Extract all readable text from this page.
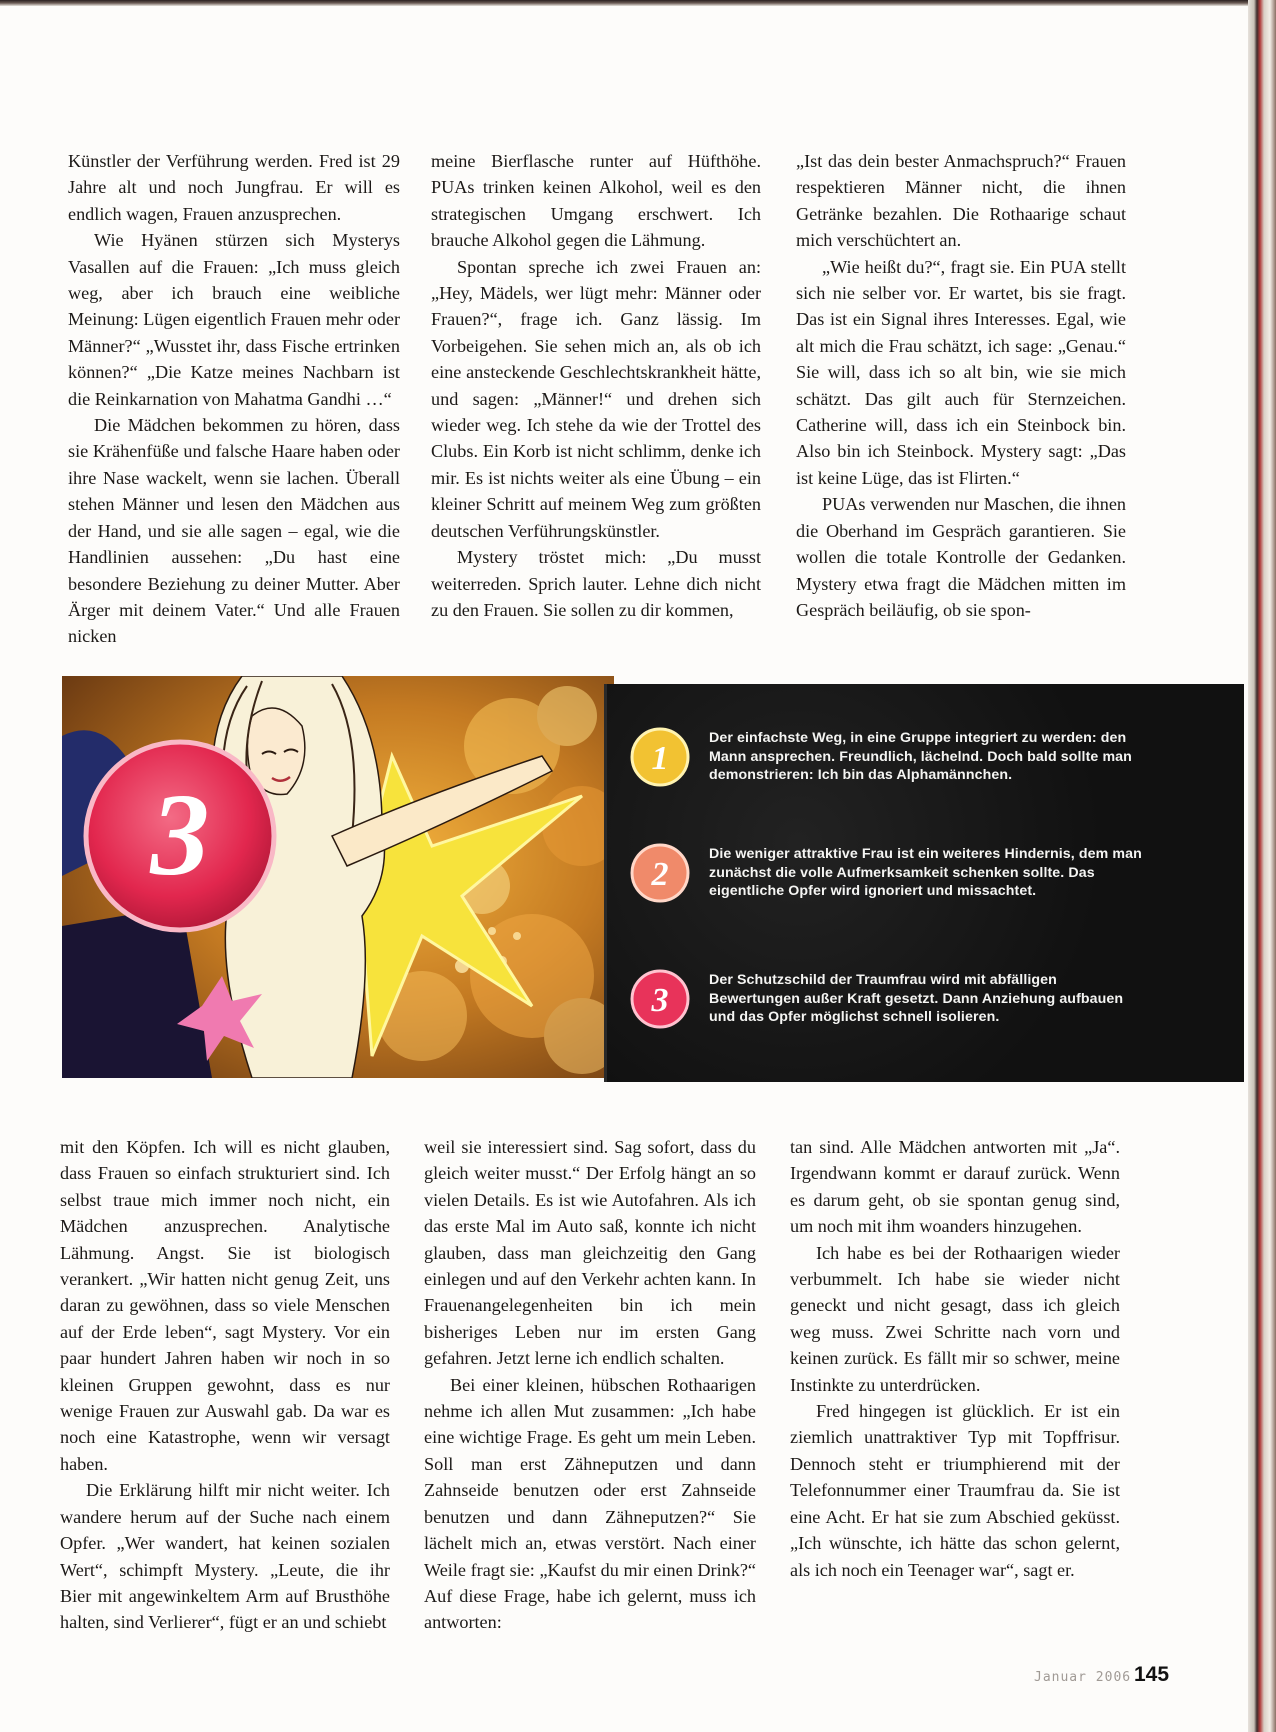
Künstler der Verführung werden. Fred ist 29 Jahre alt und noch Jungfrau. Er will es endlich wagen, Frauen anzusprechen.

Wie Hyänen stürzen sich Mysterys Vasallen auf die Frauen: „Ich muss gleich weg, aber ich brauch eine weibliche Meinung: Lügen eigentlich Frauen mehr oder Männer?“ „Wusstet ihr, dass Fische ertrinken können?“ „Die Katze meines Nachbarn ist die Reinkarnation von Mahatma Gandhi …“

Die Mädchen bekommen zu hören, dass sie Krähenfüße und falsche Haare haben oder ihre Nase wackelt, wenn sie lachen. Überall stehen Männer und lesen den Mädchen aus der Hand, und sie alle sagen – egal, wie die Handlinien aussehen: „Du hast eine besondere Beziehung zu deiner Mutter. Aber Ärger mit deinem Vater.“ Und alle Frauen nicken

meine Bierflasche runter auf Hüfthöhe. PUAs trinken keinen Alkohol, weil es den strategischen Umgang erschwert. Ich brauche Alkohol gegen die Lähmung.

Spontan spreche ich zwei Frauen an: „Hey, Mädels, wer lügt mehr: Männer oder Frauen?“, frage ich. Ganz lässig. Im Vorbeigehen. Sie sehen mich an, als ob ich eine ansteckende Geschlechtskrankheit hätte, und sagen: „Männer!“ und drehen sich wieder weg. Ich stehe da wie der Trottel des Clubs. Ein Korb ist nicht schlimm, denke ich mir. Es ist nichts weiter als eine Übung – ein kleiner Schritt auf meinem Weg zum größten deutschen Verführungskünstler.

Mystery tröstet mich: „Du musst weiterreden. Sprich lauter. Lehne dich nicht zu den Frauen. Sie sollen zu dir kommen,

„Ist das dein bester Anmachspruch?“ Frauen respektieren Männer nicht, die ihnen Getränke bezahlen. Die Rothaarige schaut mich verschüchtert an.

„Wie heißt du?“, fragt sie. Ein PUA stellt sich nie selber vor. Er wartet, bis sie fragt. Das ist ein Signal ihres Interesses. Egal, wie alt mich die Frau schätzt, ich sage: „Genau.“ Sie will, dass ich so alt bin, wie sie mich schätzt. Das gilt auch für Sternzeichen. Catherine will, dass ich ein Steinbock bin. Also bin ich Steinbock. Mystery sagt: „Das ist keine Lüge, das ist Flirten.“

PUAs verwenden nur Maschen, die ihnen die Oberhand im Gespräch garantieren. Sie wollen die totale Kontrolle der Gedanken. Mystery etwa fragt die Mädchen mitten im Gespräch beiläufig, ob sie spon-

3
1
Der einfachste Weg, in eine Gruppe integriert zu werden: den Mann ansprechen. Freundlich, lächelnd. Doch bald sollte man demonstrieren: Ich bin das Alphamännchen.
2
Die weniger attraktive Frau ist ein weiteres Hindernis, dem man zunächst die volle Aufmerksamkeit schenken sollte. Das eigentliche Opfer wird ignoriert und missachtet.
3
Der Schutzschild der Traumfrau wird mit abfälligen Bewertungen außer Kraft gesetzt. Dann Anziehung aufbauen und das Opfer möglichst schnell isolieren.

mit den Köpfen. Ich will es nicht glauben, dass Frauen so einfach strukturiert sind. Ich selbst traue mich immer noch nicht, ein Mädchen anzusprechen. Analytische Lähmung. Angst. Sie ist biologisch verankert. „Wir hatten nicht genug Zeit, uns daran zu gewöhnen, dass so viele Menschen auf der Erde leben“, sagt Mystery. Vor ein paar hundert Jahren haben wir noch in so kleinen Gruppen gewohnt, dass es nur wenige Frauen zur Auswahl gab. Da war es noch eine Katastrophe, wenn wir versagt haben.

Die Erklärung hilft mir nicht weiter. Ich wandere herum auf der Suche nach einem Opfer. „Wer wandert, hat keinen sozialen Wert“, schimpft Mystery. „Leute, die ihr Bier mit angewinkeltem Arm auf Brusthöhe halten, sind Verlierer“, fügt er an und schiebt

weil sie interessiert sind. Sag sofort, dass du gleich weiter musst.“ Der Erfolg hängt an so vielen Details. Es ist wie Autofahren. Als ich das erste Mal im Auto saß, konnte ich nicht glauben, dass man gleichzeitig den Gang einlegen und auf den Verkehr achten kann. In Frauenangelegenheiten bin ich mein bisheriges Leben nur im ersten Gang gefahren. Jetzt lerne ich endlich schalten.

Bei einer kleinen, hübschen Rothaarigen nehme ich allen Mut zusammen: „Ich habe eine wichtige Frage. Es geht um mein Leben. Soll man erst Zähneputzen und dann Zahnseide benutzen oder erst Zahnseide benutzen und dann Zähneputzen?“ Sie lächelt mich an, etwas verstört. Nach einer Weile fragt sie: „Kaufst du mir einen Drink?“ Auf diese Frage, habe ich gelernt, muss ich antworten:

tan sind. Alle Mädchen antworten mit „Ja“. Irgendwann kommt er darauf zurück. Wenn es darum geht, ob sie spontan genug sind, um noch mit ihm woanders hinzugehen.

Ich habe es bei der Rothaarigen wieder verbummelt. Ich habe sie wieder nicht geneckt und nicht gesagt, dass ich gleich weg muss. Zwei Schritte nach vorn und keinen zurück. Es fällt mir so schwer, meine Instinkte zu unterdrücken.

Fred hingegen ist glücklich. Er ist ein ziemlich unattraktiver Typ mit Topffrisur. Dennoch steht er triumphierend mit der Telefonnummer einer Traumfrau da. Sie ist eine Acht. Er hat sie zum Abschied geküsst. „Ich wünschte, ich hätte das schon gelernt, als ich noch ein Teenager war“, sagt er.

Januar 2006 145
